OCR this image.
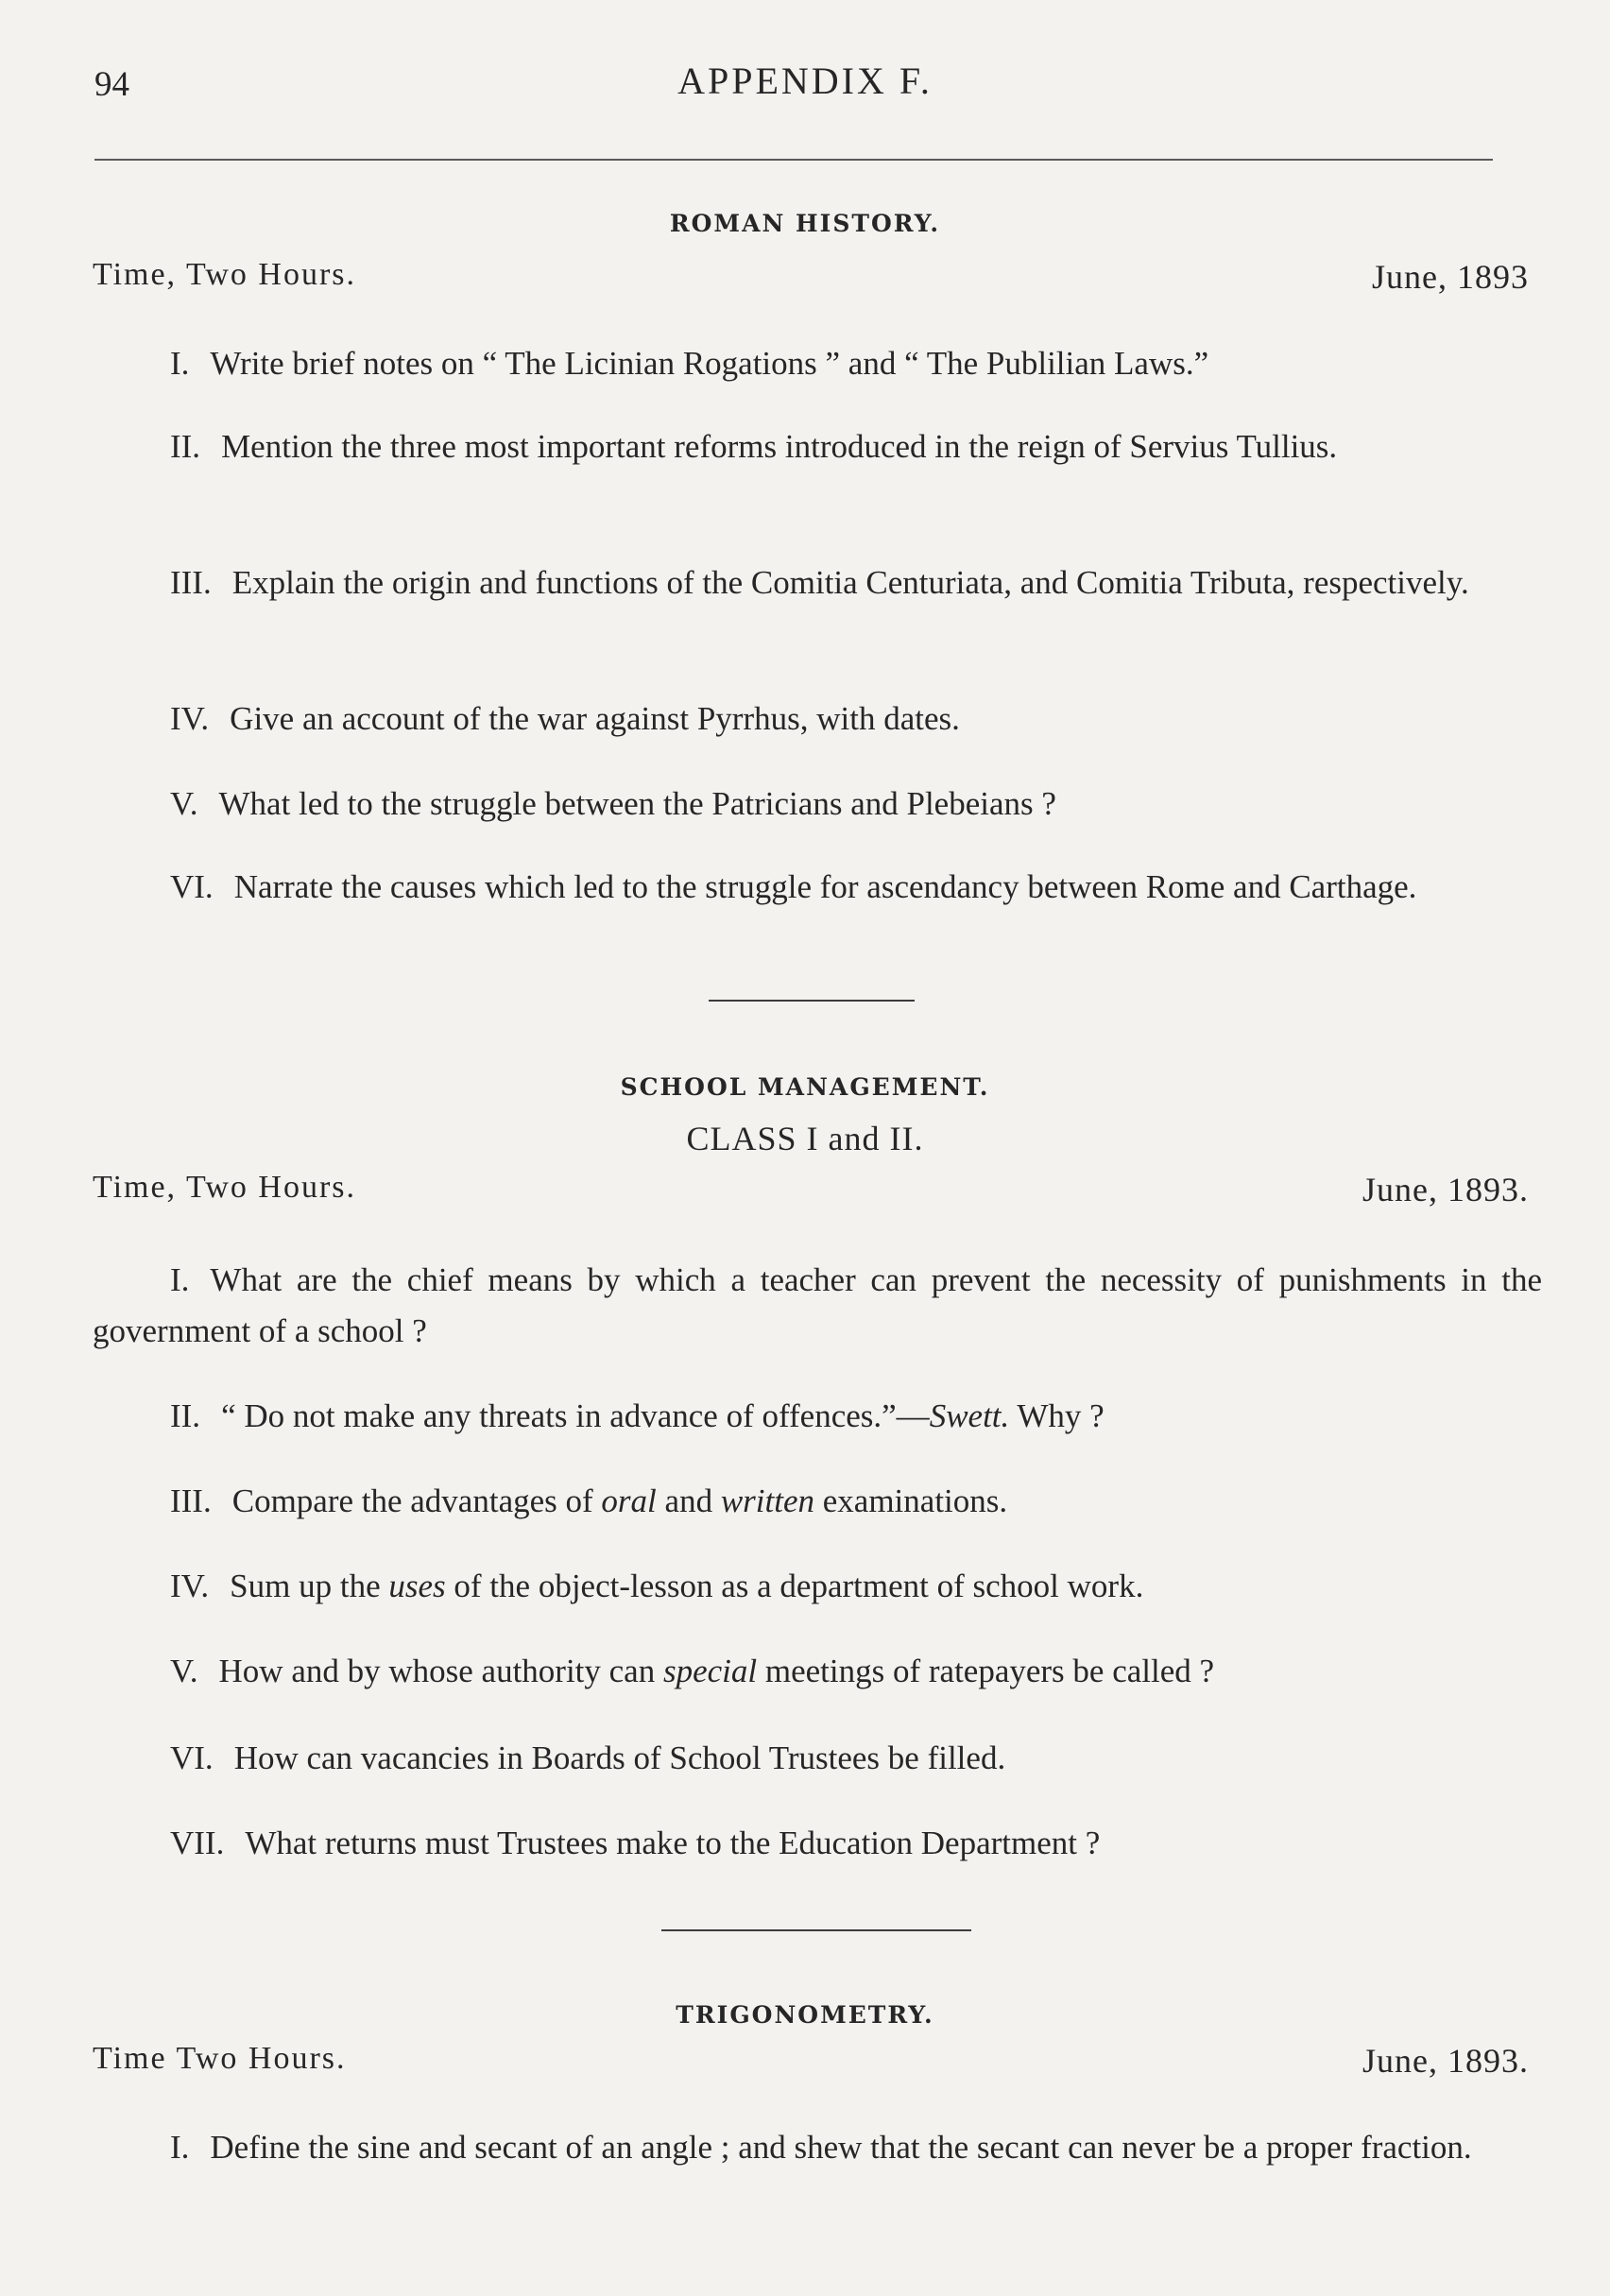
94	APPENDIX F.
ROMAN HISTORY.
Time, Two Hours.	June, 1893
I. Write brief notes on “ The Licinian Rogations ” and “ The Publilian Laws.”
II. Mention the three most important reforms introduced in the reign of Servius Tullius.
III. Explain the origin and functions of the Comitia Centuriata, and Comitia Tributa, respectively.
IV. Give an account of the war against Pyrrhus, with dates.
V. What led to the struggle between the Patricians and Plebeians ?
VI. Narrate the causes which led to the struggle for ascendancy between Rome and Carthage.
SCHOOL MANAGEMENT.
CLASS I and II.
Time, Two Hours.	June, 1893.
I. What are the chief means by which a teacher can prevent the necessity of punishments in the government of a school ?
II. “ Do not make any threats in advance of offences.”—Swett. Why ?
III. Compare the advantages of oral and written examinations.
IV. Sum up the uses of the object-lesson as a department of school work.
V. How and by whose authority can special meetings of ratepayers be called ?
VI. How can vacancies in Boards of School Trustees be filled.
VII. What returns must Trustees make to the Education Department ?
TRIGONOMETRY.
Time Two Hours.	June, 1893.
I. Define the sine and secant of an angle ; and shew that the secant can never be a proper fraction.
